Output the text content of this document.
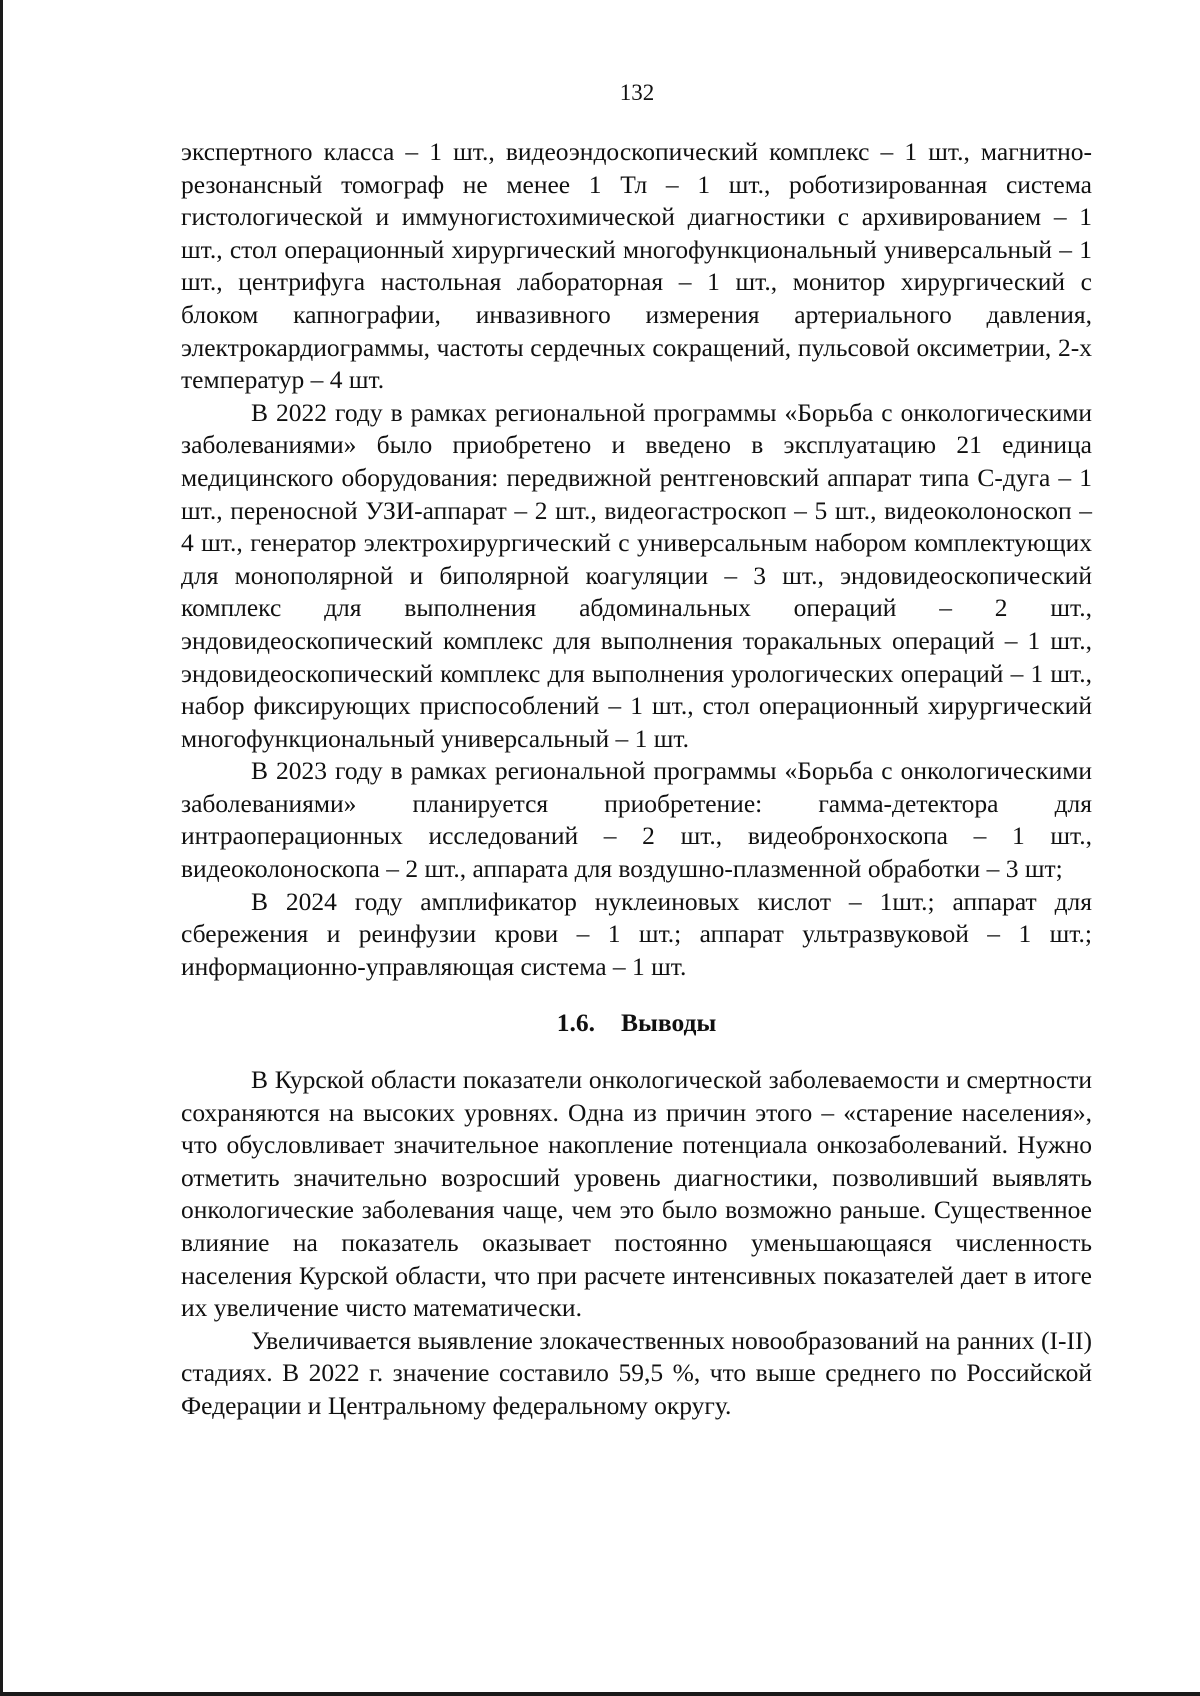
132

экспертного класса – 1 шт., видеоэндоскопический комплекс – 1 шт., магнитно-резонансный томограф не менее 1 Тл – 1 шт., роботизированная система гистологической и иммуногистохимической диагностики с архивированием – 1 шт., стол операционный хирургический многофункциональный универсальный – 1 шт., центрифуга настольная лабораторная – 1 шт., монитор хирургический с блоком капнографии, инвазивного измерения артериального давления, электрокардиограммы, частоты сердечных сокращений, пульсовой оксиметрии, 2-х температур – 4 шт.

В 2022 году в рамках региональной программы «Борьба с онкологическими заболеваниями» было приобретено и введено в эксплуатацию 21 единица медицинского оборудования: передвижной рентгеновский аппарат типа С-дуга – 1 шт., переносной УЗИ-аппарат – 2 шт., видеогастроскоп – 5 шт., видеоколоноскоп – 4 шт., генератор электрохирургический с универсальным набором комплектующих для монополярной и биполярной коагуляции – 3 шт., эндовидеоскопический комплекс для выполнения абдоминальных операций – 2 шт., эндовидеоскопический комплекс для выполнения торакальных операций – 1 шт., эндовидеоскопический комплекс для выполнения урологических операций – 1 шт., набор фиксирующих приспособлений – 1 шт., стол операционный хирургический многофункциональный универсальный – 1 шт.

В 2023 году в рамках региональной программы «Борьба с онкологическими заболеваниями» планируется приобретение: гамма-детектора для интраоперационных исследований – 2 шт., видеобронхоскопа – 1 шт., видеоколоноскопа – 2 шт., аппарата для воздушно-плазменной обработки – 3 шт;

В 2024 году амплификатор нуклеиновых кислот – 1шт.; аппарат для сбережения и реинфузии крови – 1 шт.; аппарат ультразвуковой – 1 шт.; информационно-управляющая система – 1 шт.

1.6. Выводы

В Курской области показатели онкологической заболеваемости и смертности сохраняются на высоких уровнях. Одна из причин этого – «старение населения», что обусловливает значительное накопление потенциала онкозаболеваний. Нужно отметить значительно возросший уровень диагностики, позволивший выявлять онкологические заболевания чаще, чем это было возможно раньше. Существенное влияние на показатель оказывает постоянно уменьшающаяся численность населения Курской области, что при расчете интенсивных показателей дает в итоге их увеличение чисто математически.

Увеличивается выявление злокачественных новообразований на ранних (I-II) стадиях. В 2022 г. значение составило 59,5 %, что выше среднего по Российской Федерации и Центральному федеральному округу.
